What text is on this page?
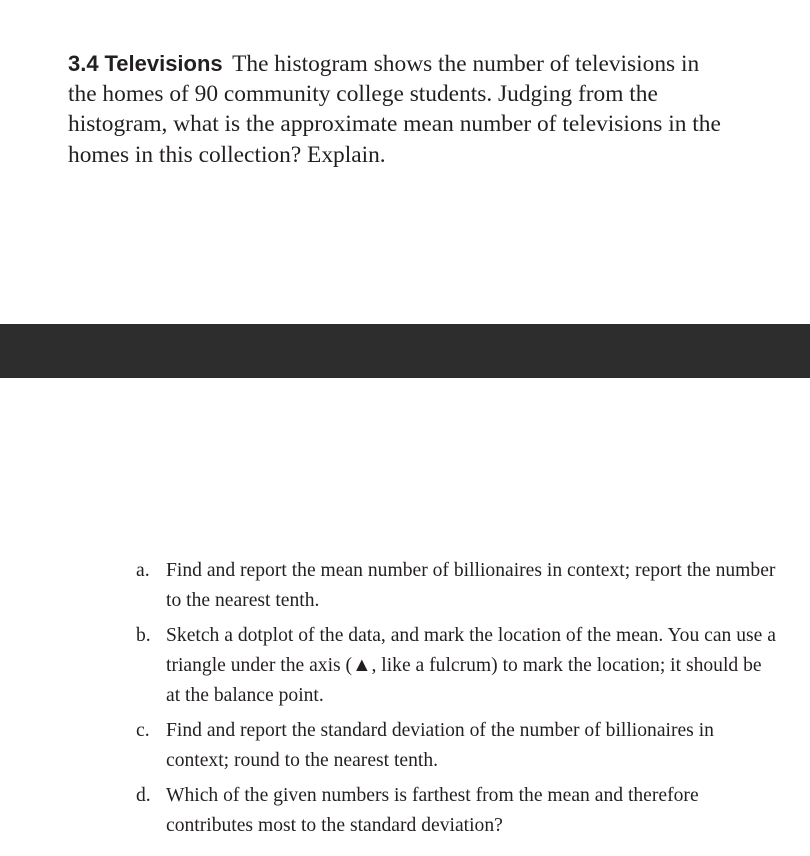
3.4 Televisions The histogram shows the number of televisions in the homes of 90 community college students. Judging from the histogram, what is the approximate mean number of televisions in the homes in this collection? Explain.
a. Find and report the mean number of billionaires in context; report the number to the nearest tenth.
b. Sketch a dotplot of the data, and mark the location of the mean. You can use a triangle under the axis (▲, like a fulcrum) to mark the location; it should be at the balance point.
c. Find and report the standard deviation of the number of billionaires in context; round to the nearest tenth.
d. Which of the given numbers is farthest from the mean and therefore contributes most to the standard deviation?
